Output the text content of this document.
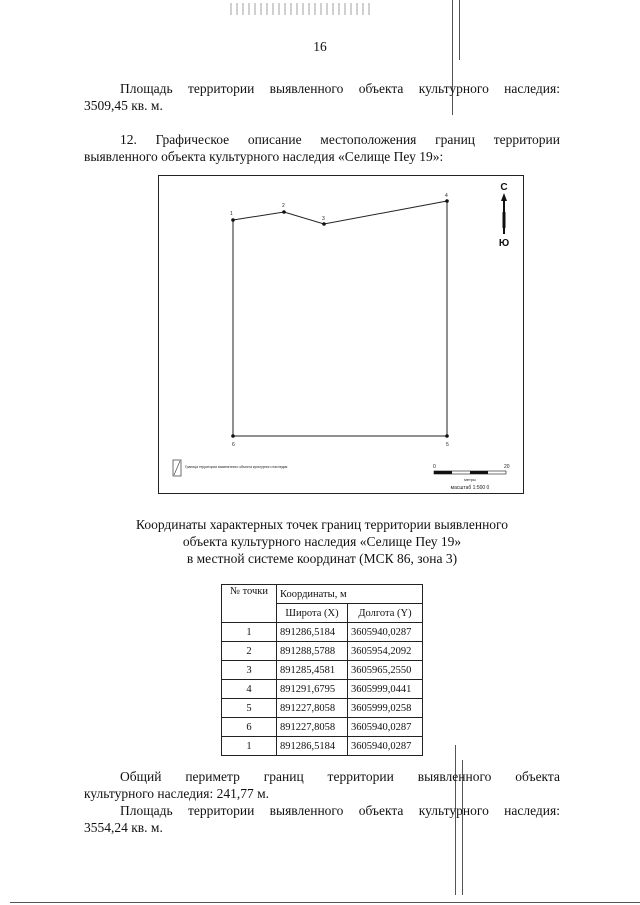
16
Площадь территории выявленного объекта культурного наследия:
3509,45 кв. м.
12. Графическое описание местоположения границ территории
выявленного объекта культурного наследия «Селище Пеу 19»:
1
2
3
4
5
6
С
Ю
Граница территории выявленного объекта культурного наследия	0	20
метры
масштаб 1:500 0
Координаты характерных точек границ территории выявленного
объекта культурного наследия «Селище Пеу 19»
в местной системе координат (МСК 86, зона 3)
№ точки	Координаты, м	
	Широта (X)	Долгота (Y)
1	891286,5184	3605940,0287
2	891288,5788	3605954,2092
3	891285,4581	3605965,2550
4	891291,6795	3605999,0441
5	891227,8058	3605999,0258
6	891227,8058	3605940,0287
1	891286,5184	3605940,0287
Общий периметр границ территории выявленного объекта
культурного наследия: 241,77 м.
Площадь территории выявленного объекта культурного наследия:
3554,24 кв. м.
